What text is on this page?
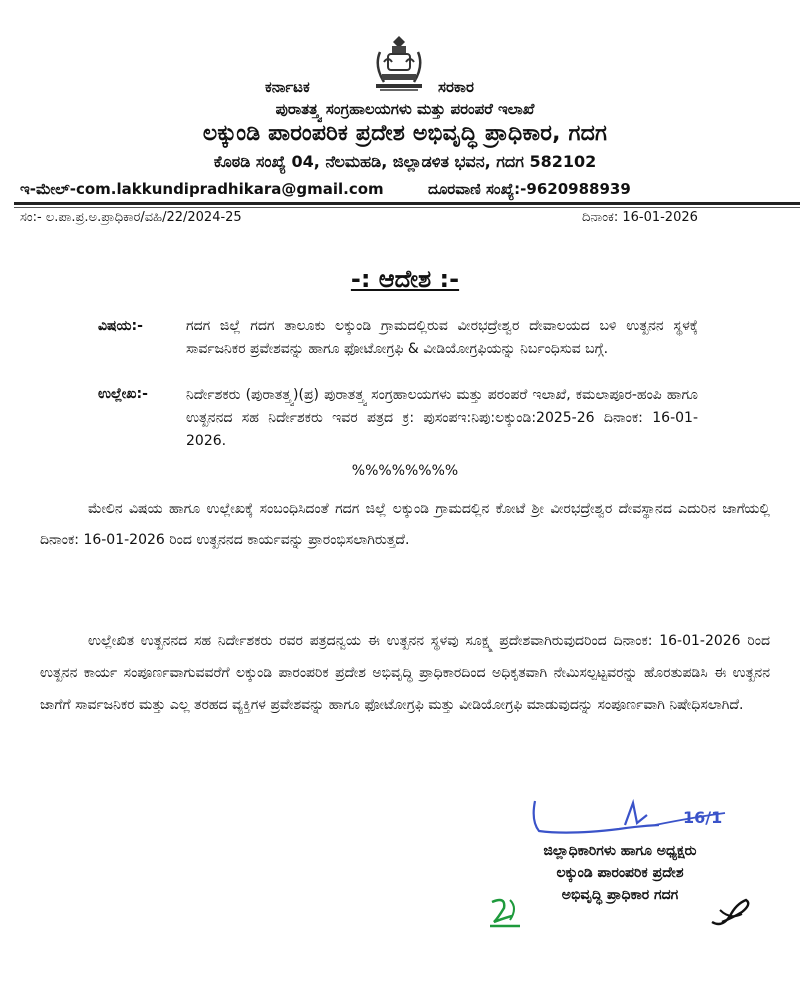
ಕರ್ನಾಟಕ	ಸರಕಾರ
ಪುರಾತತ್ತ್ವ ಸಂಗ್ರಹಾಲಯಗಳು ಮತ್ತು ಪರಂಪರೆ ಇಲಾಖೆ
ಲಕ್ಕುಂಡಿ ಪಾರಂಪರಿಕ ಪ್ರದೇಶ ಅಭಿವೃದ್ಧಿ ಪ್ರಾಧಿಕಾರ, ಗದಗ
ಕೊಠಡಿ ಸಂಖ್ಯೆ 04, ನೆಲಮಹಡಿ, ಜಿಲ್ಲಾಡಳಿತ ಭವನ, ಗದಗ 582102
ಇ-ಮೇಲ್-com.lakkundipradhikara@gmail.com	ದೂರವಾಣಿ ಸಂಖ್ಯೆ:-9620988939
ಸಂ:- ಲ.ಪಾ.ಪ್ರ.ಅ.ಪ್ರಾಧಿಕಾರ/ವಹಿ/22/2024-25	ದಿನಾಂಕ: 16-01-2026
-: ಆದೇಶ :-
ವಿಷಯ:-	ಗದಗ ಜಿಲ್ಲೆ ಗದಗ ತಾಲೂಕು ಲಕ್ಕುಂಡಿ ಗ್ರಾಮದಲ್ಲಿರುವ ವೀರಭದ್ರೇಶ್ವರ ದೇವಾಲಯದ ಬಳಿ ಉತ್ಖನನ ಸ್ಥಳಕ್ಕೆ ಸಾರ್ವಜನಿಕರ ಪ್ರವೇಶವನ್ನು ಹಾಗೂ ಫೋಟೋಗ್ರಫಿ & ವೀಡಿಯೋಗ್ರಫಿಯನ್ನು ನಿರ್ಬಂಧಿಸುವ ಬಗ್ಗೆ.
ಉಲ್ಲೇಖ:-	ನಿರ್ದೇಶಕರು (ಪುರಾತತ್ತ್ವ)(ಪ್ರ) ಪುರಾತತ್ತ್ವ ಸಂಗ್ರಹಾಲಯಗಳು ಮತ್ತು ಪರಂಪರೆ ಇಲಾಖೆ, ಕಮಲಾಪೂರ-ಹಂಪಿ ಹಾಗೂ ಉತ್ಖನನದ ಸಹ ನಿರ್ದೇಶಕರು ಇವರ ಪತ್ರದ ಕ್ರ: ಪುಸಂಪಇ:ನಿಪು:ಲಕ್ಕುಂಡಿ:2025-26 ದಿನಾಂಕ: 16-01-2026.
%%%%%%%%
ಮೇಲಿನ ವಿಷಯ ಹಾಗೂ ಉಲ್ಲೇಖಕ್ಕೆ ಸಂಬಂಧಿಸಿದಂತೆ ಗದಗ ಜಿಲ್ಲೆ ಲಕ್ಕುಂಡಿ ಗ್ರಾಮದಲ್ಲಿನ ಕೋಟೆ ಶ್ರೀ ವೀರಭದ್ರೇಶ್ವರ ದೇವಸ್ಥಾನದ ಎದುರಿನ ಜಾಗೆಯಲ್ಲಿ ದಿನಾಂಕ: 16-01-2026 ರಿಂದ ಉತ್ಖನನದ ಕಾರ್ಯವನ್ನು ಪ್ರಾರಂಭಿಸಲಾಗಿರುತ್ತದೆ.
ಉಲ್ಲೇಖಿತ ಉತ್ಖನನದ ಸಹ ನಿರ್ದೇಶಕರು ರವರ ಪತ್ರದನ್ವಯ ಈ ಉತ್ಖನನ ಸ್ಥಳವು ಸೂಕ್ಷ್ಮ ಪ್ರದೇಶವಾಗಿರುವುದರಿಂದ ದಿನಾಂಕ: 16-01-2026 ರಿಂದ ಉತ್ಖನನ ಕಾರ್ಯ ಸಂಪೂರ್ಣವಾಗುವವರೆಗೆ ಲಕ್ಕುಂಡಿ ಪಾರಂಪರಿಕ ಪ್ರದೇಶ ಅಭಿವೃದ್ಧಿ ಪ್ರಾಧಿಕಾರದಿಂದ ಅಧಿಕೃತವಾಗಿ ನೇಮಿಸಲ್ಪಟ್ಟವರನ್ನು ಹೊರತುಪಡಿಸಿ ಈ ಉತ್ಖನನ ಜಾಗೆಗೆ ಸಾರ್ವಜನಿಕರ ಮತ್ತು ಎಲ್ಲ ತರಹದ ವ್ಯಕ್ತಿಗಳ ಪ್ರವೇಶವನ್ನು ಹಾಗೂ ಫೋಟೋಗ್ರಫಿ ಮತ್ತು ವೀಡಿಯೋಗ್ರಫಿ ಮಾಡುವುದನ್ನು ಸಂಪೂರ್ಣವಾಗಿ ನಿಷೇಧಿಸಲಾಗಿದೆ.
16/1
ಜಿಲ್ಲಾಧಿಕಾರಿಗಳು ಹಾಗೂ ಅಧ್ಯಕ್ಷರು
ಲಕ್ಕುಂಡಿ ಪಾರಂಪರಿಕ ಪ್ರದೇಶ
ಅಭಿವೃದ್ಧಿ ಪ್ರಾಧಿಕಾರ ಗದಗ
